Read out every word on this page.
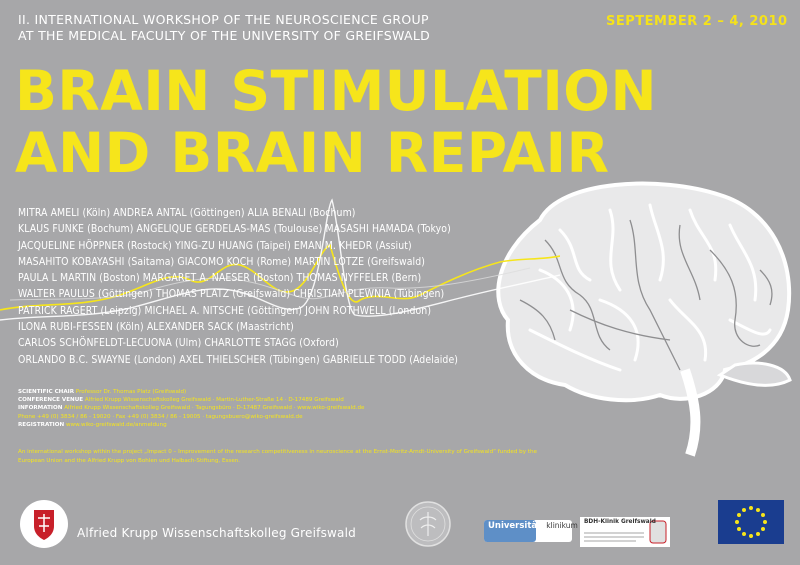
II. INTERNATIONAL WORKSHOP OF THE NEUROSCIENCE GROUP
AT THE MEDICAL FACULTY OF THE UNIVERSITY OF GREIFSWALD
SEPTEMBER 2 – 4, 2010
BRAIN STIMULATION
AND BRAIN REPAIR
MITRA AMELI (Köln) ANDREA ANTAL (Göttingen) ALIA BENALI (Bochum)
KLAUS FUNKE (Bochum) ANGELIQUE GERDELAS-MAS (Toulouse) MASASHI HAMADA (Tokyo)
JACQUELINE HÖPPNER (Rostock) YING-ZU HUANG (Taipei) EMAN M. KHEDR (Assiut)
MASAHITO KOBAYASHI (Saitama) GIACOMO KOCH (Rome) MARTIN LOTZE (Greifswald)
PAULA L MARTIN (Boston) MARGARET A. NAESER (Boston) THOMAS NYFFELER (Bern)
WALTER PAULUS (Göttingen) THOMAS PLATZ (Greifswald) CHRISTIAN PLEWNIA (Tübingen)
PATRICK RAGERT (Leipzig) MICHAEL A. NITSCHE (Göttingen) JOHN ROTHWELL (London)
ILONA RUBI-FESSEN (Köln) ALEXANDER SACK (Maastricht)
CARLOS SCHÖNFELDT-LECUONA (Ulm) CHARLOTTE STAGG (Oxford)
ORLANDO B.C. SWAYNE (London) AXEL THIELSCHER (Tübingen) GABRIELLE TODD (Adelaide)
SCIENTIFIC CHAIR Professor Dr. Thomas Platz (Greifswald)
CONFERENCE VENUE Alfried Krupp Wissenschaftskolleg Greifswald · Martin-Luther-Straße 14 · D-17489 Greifswald
INFORMATION Alfried Krupp Wissenschaftskolleg Greifswald · Tagungsbüro · D-17487 Greifswald · www.wiko-greifswald.de
Phone +49 (0) 3834 / 86 - 19020 · Fax +49 (0) 3834 / 86 - 19005 · tagungsbuero@wiko-greifswald.de
REGISTRATION www.wiko-greifswald.de/anmeldung
An international workshop within the project „Impact 0 – Improvement of the research competitiveness in neuroscience at the Ernst-Moritz-Arndt-University of Greifswald“ funded by the European Union and the Alfried Krupp von Bohlen und Halbach-Stiftung, Essen.
Alfried Krupp Wissenschaftskolleg Greifswald	Universitätsklinikum BDH-Klinik Greifswald
